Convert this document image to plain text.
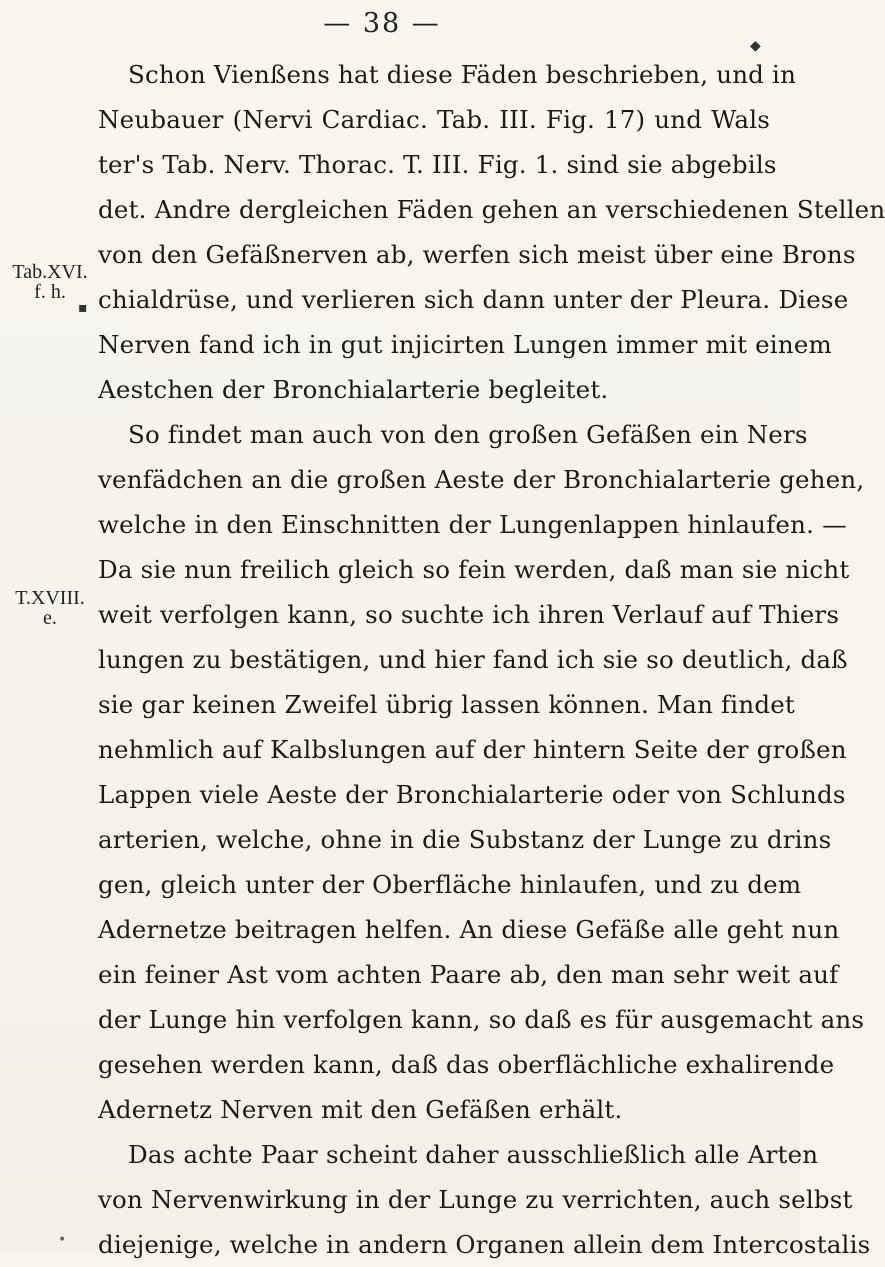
— 38 —
◆
Tab.XVI.
f. h.
▪
T.XVIII.
e.
Schon Vienßens hat diese Fäden beschrieben, und in
Neubauer (Nervi Cardiac. Tab. III. Fig. 17) und Wals
ter's Tab. Nerv. Thorac. T. III. Fig. 1. sind sie abgebils
det. Andre dergleichen Fäden gehen an verschiedenen Stellen
von den Gefäßnerven ab, werfen sich meist über eine Brons
chialdrüse, und verlieren sich dann unter der Pleura. Diese
Nerven fand ich in gut injicirten Lungen immer mit einem
Aestchen der Bronchialarterie begleitet.
So findet man auch von den großen Gefäßen ein Ners
venfädchen an die großen Aeste der Bronchialarterie gehen,
welche in den Einschnitten der Lungenlappen hinlaufen. —
Da sie nun freilich gleich so fein werden, daß man sie nicht
weit verfolgen kann, so suchte ich ihren Verlauf auf Thiers
lungen zu bestätigen, und hier fand ich sie so deutlich, daß
sie gar keinen Zweifel übrig lassen können. Man findet
nehmlich auf Kalbslungen auf der hintern Seite der großen
Lappen viele Aeste der Bronchialarterie oder von Schlunds
arterien, welche, ohne in die Substanz der Lunge zu drins
gen, gleich unter der Oberfläche hinlaufen, und zu dem
Adernetze beitragen helfen. An diese Gefäße alle geht nun
ein feiner Ast vom achten Paare ab, den man sehr weit auf
der Lunge hin verfolgen kann, so daß es für ausgemacht ans
gesehen werden kann, daß das oberflächliche exhalirende
Adernetz Nerven mit den Gefäßen erhält.
Das achte Paar scheint daher ausschließlich alle Arten
von Nervenwirkung in der Lunge zu verrichten, auch selbst
diejenige, welche in andern Organen allein dem Intercostalis
•
